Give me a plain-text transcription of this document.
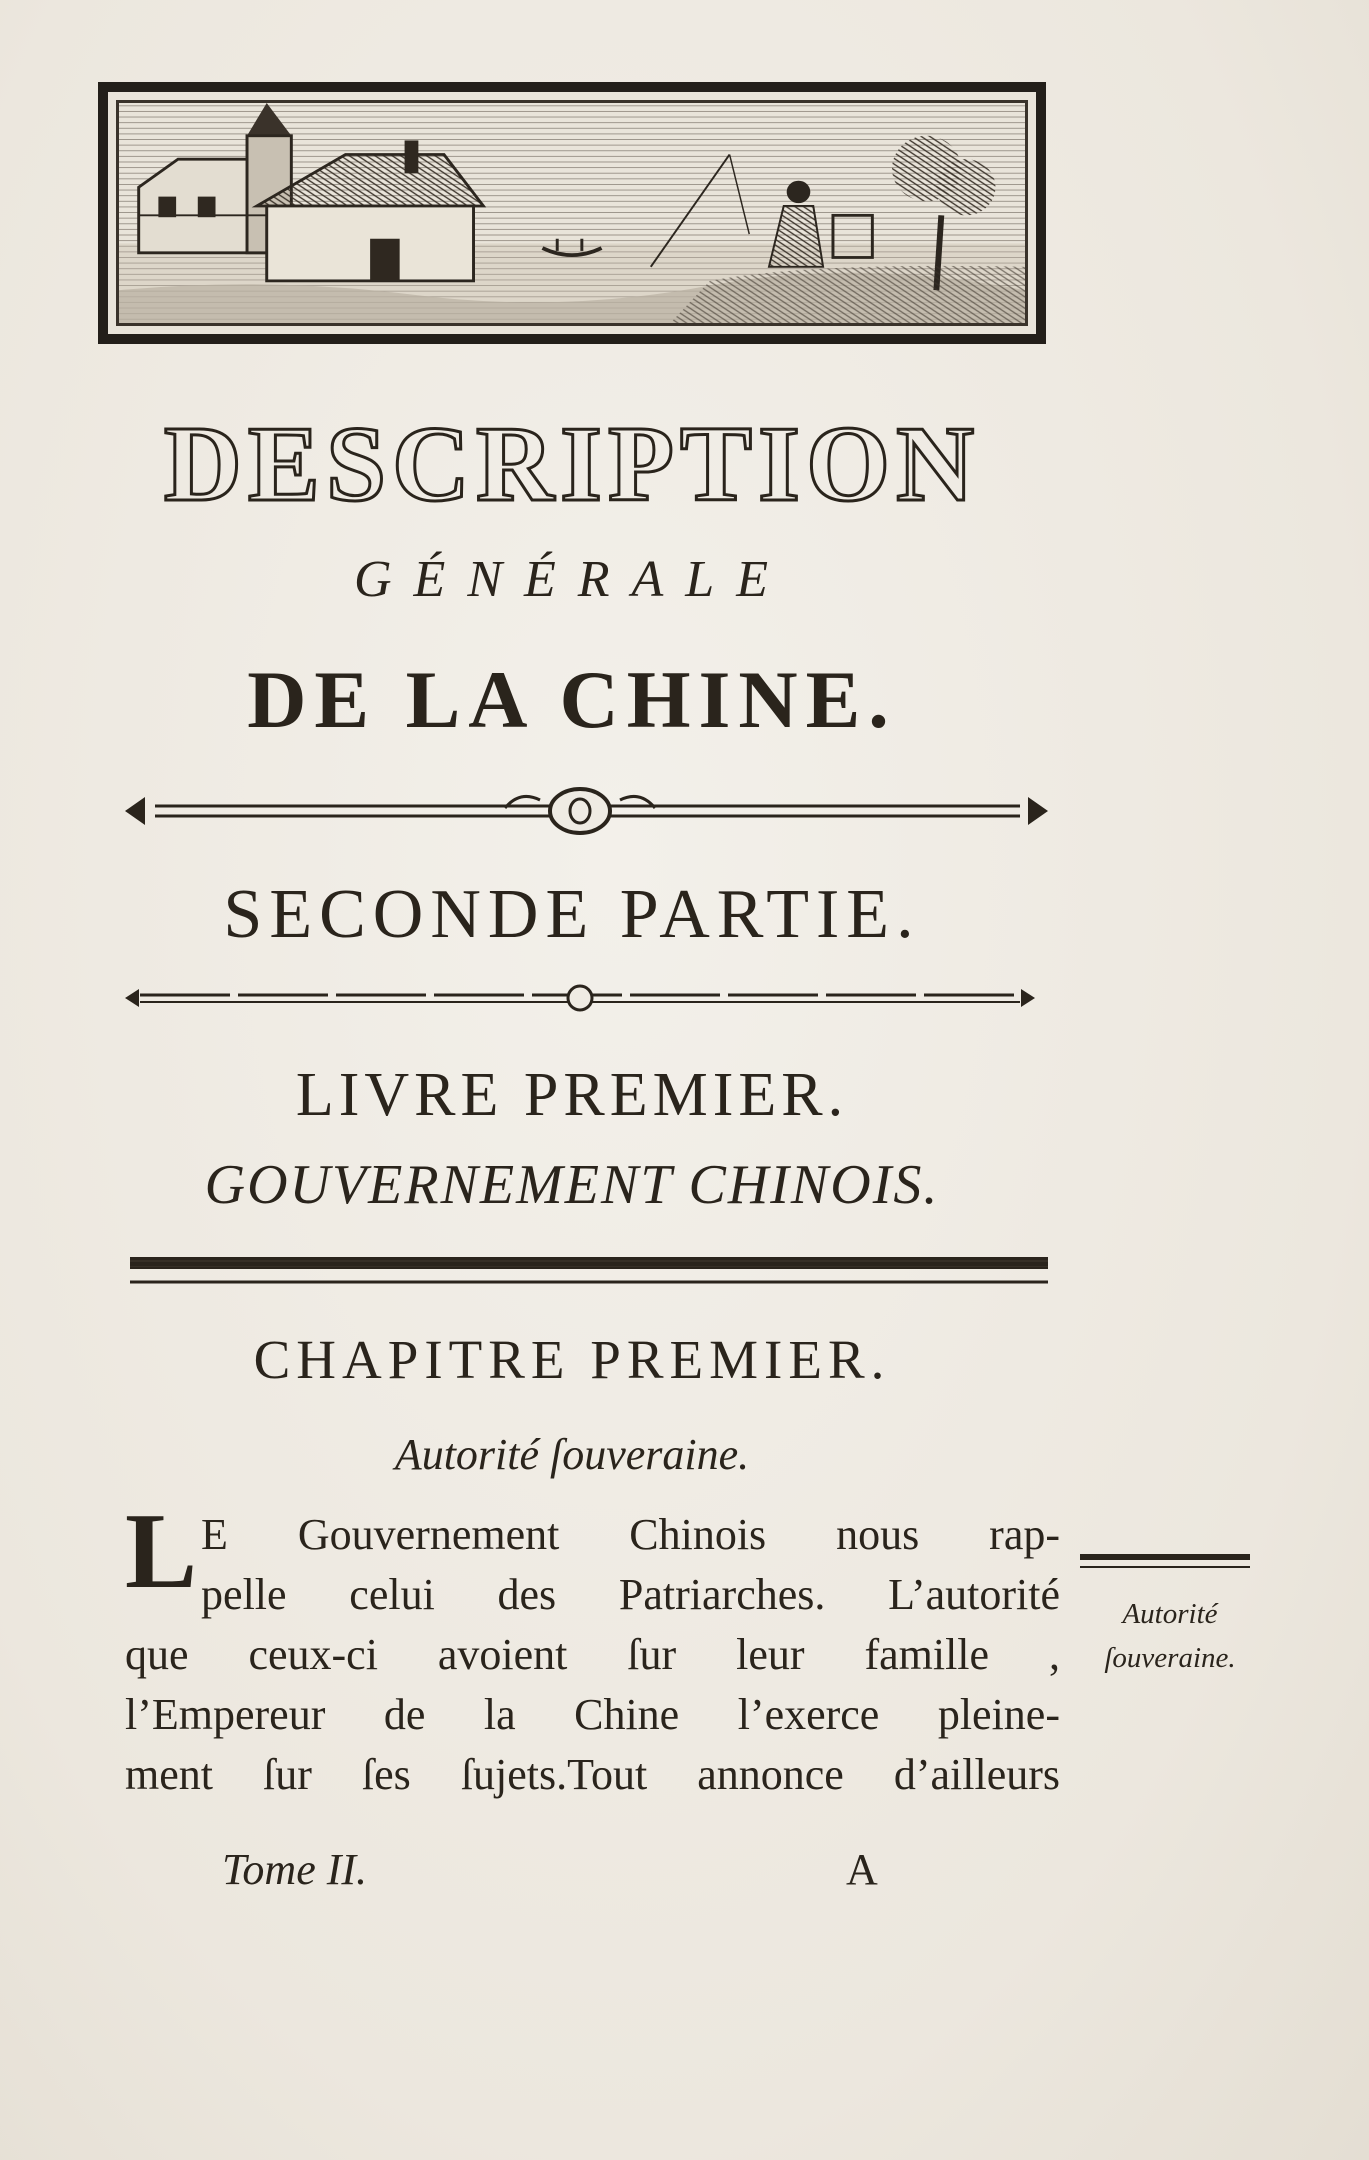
DESCRIPTION
GÉNÉRALE
DE LA CHINE.
SECONDE PARTIE.
LIVRE PREMIER.
GOUVERNEMENT CHINOIS.
CHAPITRE PREMIER.
Autorité ſouveraine.
L E Gouvernement Chinois nous rap-
pelle celui des Patriarches. L’autorité
que ceux-ci avoient ſur leur famille ,
l’Empereur de la Chine l’exerce pleine-
ment ſur ſes ſujets.Tout annonce d’ailleurs
Autorité
ſouveraine.
Tome II.	A
